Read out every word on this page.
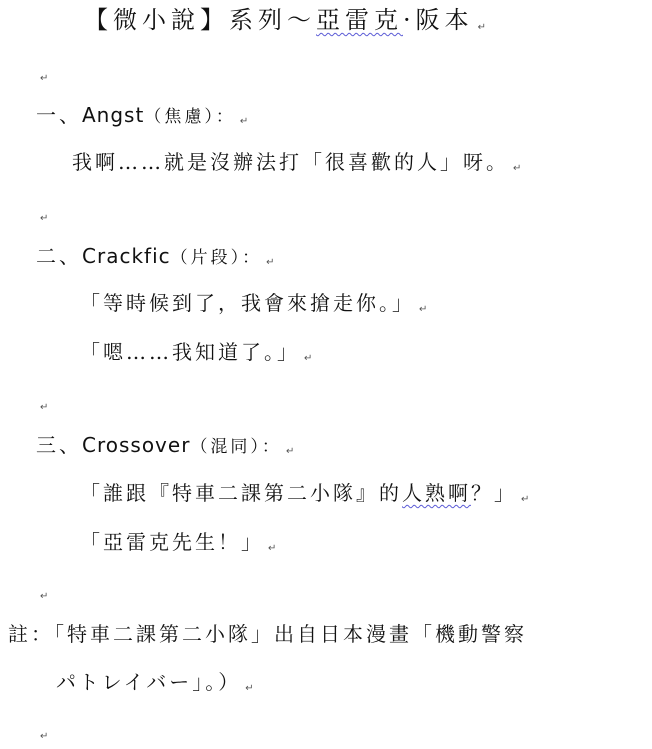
【微小說】系列～亞雷克·阪本 ↵
↵
一、Angst（焦慮）： ↵
我啊……就是沒辦法打「很喜歡的人」呀。 ↵
↵
二、Crackfic（片段）： ↵
「等時候到了，我會來搶走你。」 ↵
「嗯……我知道了。」 ↵
↵
三、Crossover（混同）： ↵
「誰跟『特車二課第二小隊』的人熟啊？」 ↵
「亞雷克先生！」 ↵
↵
註：「特車二課第二小隊」出自日本漫畫「機動警察
パトレイバー」。） ↵
↵
